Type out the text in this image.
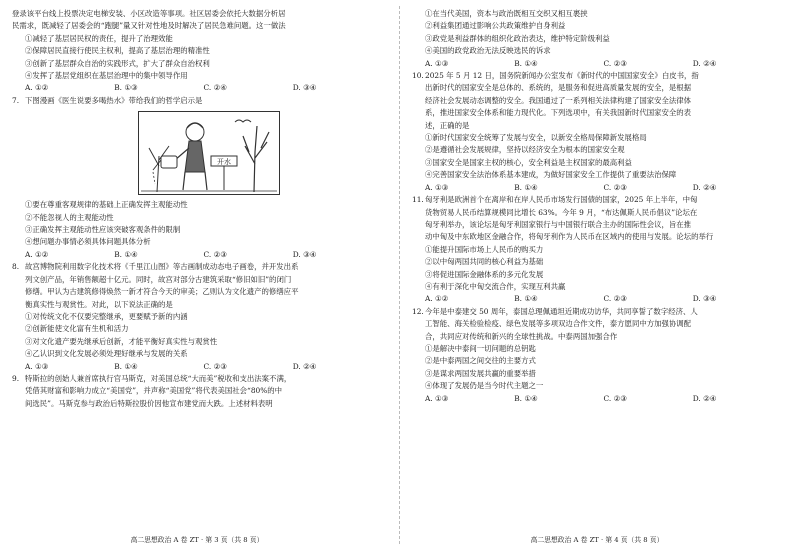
登录该平台线上投票决定电梯安装、小区改造等事项。社区居委会依托大数据分析居

民需求，既减轻了居委会的“跑腿”量又针对性地及时解决了居民急难问题。这一做法

①减轻了基层居民权的责任，提升了治理效能

②保障居民直接行使民主权利，提高了基层治理的精准性

③创新了基层群众自治的实践形式，扩大了群众自治权利

④发挥了基层党组织在基层治理中的集中领导作用

A. ①②	B. ①③	C. ②④	D. ③④
7. 下图漫画《医生说要多喝热水》带给我们的哲学启示是
开水

①要在尊重客观规律的基础上正确发挥主观能动性

②不能忽视人的主观能动性

③正确发挥主观能动性应该突破客观条件的限制

④想问题办事情必须具体问题具体分析

A. ①②	B. ①④	C. ②③	D. ③④
8. 故宫博物院利用数字化技术将《千里江山图》等古画制成动态电子画卷，并开发出系

列文创产品，年销售额超十亿元。同时，故宫对部分古建筑采取“修旧如旧”的闭门

修缮。甲认为古建筑修得焕然一新才符合今天的审美；乙则认为文化遗产的修缮应平

衡真实性与观赏性。对此，以下说法正确的是

①对传统文化不仅要完整继承，更要赋予新的内涵

②创新能使文化富有生机和活力

③对文化遗产要先继承后创新，才能平衡好真实性与观赏性

④乙认识到文化发展必须处理好继承与发展的关系

A. ①③	B. ①④	C. ②③	D. ②④
9. 特斯拉的创始人兼首席执行官马斯克，对美国总统“大而美”税收和支出法案不满，

凭借其财富和影响力成立“美国党”，并声称“美国党”将代表美国社会“80%的中

间选民”。马斯克参与政治后特斯拉股价因他宣布建党而大跌。上述材料表明

①在当代美国，资本与政治既相互交织又相互裹挟

②利益集团通过影响公共政策维护自身利益

③政党是利益群体的组织化政治表达，维护特定阶级利益

④美国的政党政治无法反映选民的诉求

A. ①③	B. ①④	C. ②③	D. ②④
10. 2025 年 5 月 12 日，国务院新闻办公室发布《新时代的中国国家安全》白皮书，指

出新时代的国家安全是总体的、系统的，是服务和促进高质量发展的安全，是根据

经济社会发展动态调整的安全。我国通过了一系列相关法律构建了国家安全法律体

系，推进国家安全体系和能力现代化。下列选项中，有关我国新时代国家安全的表

述，正确的是

①新时代国家安全统筹了发展与安全，以新安全格局保障新发展格局

②是遵循社会发展规律，坚持以经济安全为根本的国家安全观

③国家安全是国家主权的核心，安全利益是主权国家的最高利益

④完善国家安全法治体系基本建成，为做好国家安全工作提供了重要法治保障

A. ①③	B. ①④	C. ②③	D. ②④
11. 匈牙利是欧洲首个在离岸和在岸人民币市场发行国债的国家，2025 年上半年，中匈

货物贸易人民币结算规模同比增长 63%。今年 9 月，“布达佩斯人民币倡议”论坛在

匈牙利举办，该论坛是匈牙利国家银行与中国银行联合主办的国际性会议，旨在推

动中匈及中东欧地区金融合作，将匈牙利作为人民币在区域内的使用与发展。论坛的举行

①能提升国际市场上人民币的购买力

②以中匈两国共同的核心利益为基础

③将促进国际金融体系的多元化发展

④有利于深化中匈交流合作，实现互利共赢

A. ①②	B. ①④	C. ②③	D. ③④
12. 今年是中泰建交 50 周年，泰国总理佩通坦近期成功访华，共同享誓了数字经济、人

工智能、海关检验检疫、绿色发展等多项双边合作文件，泰方愿同中方加强协调配

合，共同应对传统和新兴的全球性挑战。中泰两国加强合作

①是解决中泰间一切问题的总钥匙

②是中泰两国之间交往的主要方式

③是谋求两国发展共赢的重要举措

④体现了发展仍是当今时代主题之一

A. ①③	B. ①④	C. ②③	D. ②④
高二思想政治 A 卷 ZT · 第 3 页（共 8 页）	高二思想政治 A 卷 ZT · 第 4 页（共 8 页）
